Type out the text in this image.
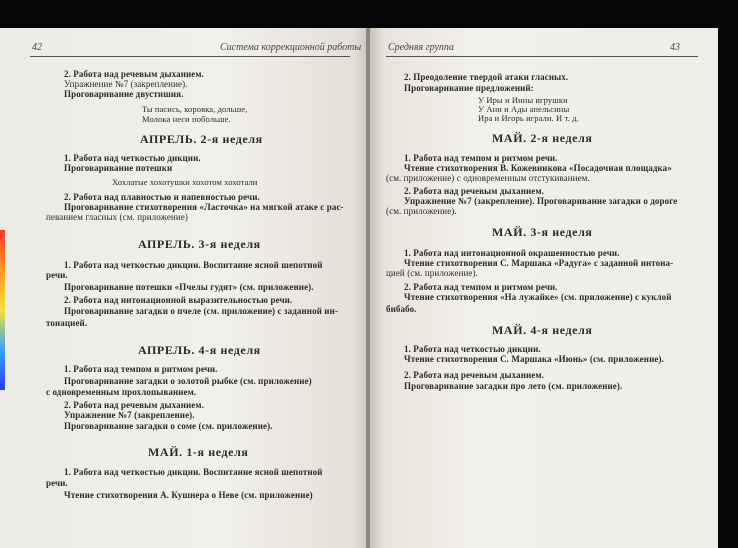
42	Система коррекционной работы
2. Работа над речевым дыханием.
Упражнение №7 (закрепление).
Проговаривание двустишия.
Ты пасись, коровка, дольше,
Молока неси побольше.
АПРЕЛЬ. 2-я неделя
1. Работа над четкостью дикции.
Проговаривание потешки
Хохлатые хохотушки хохотом хохотали
2. Работа над плавностью и напевностью речи.
Проговаривание стихотворения «Ласточка» на мягкой атаке с рас-
певанием гласных (см. приложение)
АПРЕЛЬ. 3-я неделя
1. Работа над четкостью дикции. Воспитание ясной шепотной
речи.
Проговаривание потешки «Пчелы гудят» (см. приложение).
2. Работа над интонационной выразительностью речи.
Проговаривание загадки о пчеле (см. приложение) с заданной ин-
тонацией.
АПРЕЛЬ. 4-я неделя
1. Работа над темпом и ритмом речи.
Проговаривание загадки о золотой рыбке (см. приложение)
с одновременным прохлопыванием.
2. Работа над речевым дыханием.
Упражнение №7 (закрепление).
Проговаривание загадки о соме (см. приложение).
МАЙ. 1-я неделя
1. Работа над четкостью дикции. Воспитание ясной шепотной
речи.
Чтение стихотворения А. Кушнера о Неве (см. приложение)
Средняя группа	43
2. Преодоление твердой атаки гласных.
Проговаривание предложений:
У Иры и Инны игрушки
У Ани и Ады апельсины
Ира и Игорь играли. И т. д.
МАЙ. 2-я неделя
1. Работа над темпом и ритмом речи.
Чтение стихотворения В. Кожевникова «Посадочная площадка»
(см. приложение) с одновременным отстукиванием.
2. Работа над речевым дыханием.
Упражнение №7 (закрепление). Проговаривание загадки о дороге
(см. приложение).
МАЙ. 3-я неделя
1. Работа над интонационной окрашенностью речи.
Чтение стихотворения С. Маршака «Радуга» с заданной интона-
цией (см. приложение).
2. Работа над темпом и ритмом речи.
Чтение стихотворения «На лужайке» (см. приложение) с куклой
бибабо.
МАЙ. 4-я неделя
1. Работа над четкостью дикции.
Чтение стихотворения С. Маршака «Июнь» (см. приложение).
2. Работа над речевым дыханием.
Проговаривание загадки про лето (см. приложение).
